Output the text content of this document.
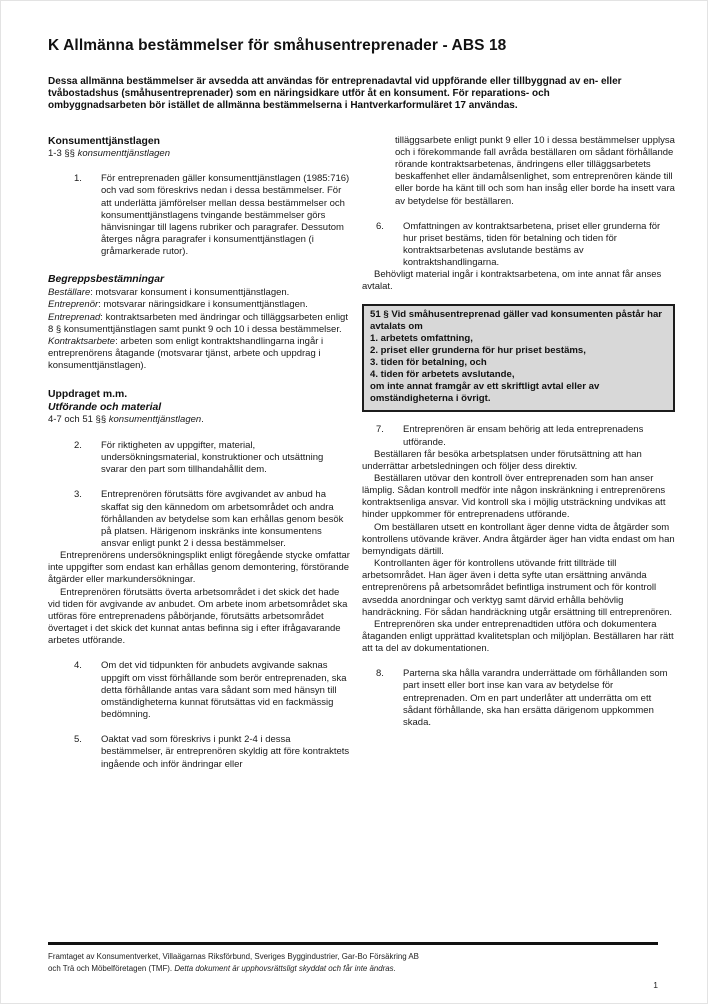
K Allmänna bestämmelser för småhusentreprenader - ABS 18
Dessa allmänna bestämmelser är avsedda att användas för entreprenadavtal vid uppförande eller tillbyggnad av en- eller tvåbostadshus (småhusentreprenader) som en näringsidkare utför åt en konsument. För reparations- och ombyggnadsarbeten bör istället de allmänna bestämmelserna i Hantverkarformuläret 17 användas.
Konsumenttjänstlagen
1-3 §§ konsumenttjänstlagen
1.	För entreprenaden gäller konsumenttjänstlagen (1985:716) och vad som föreskrivs nedan i dessa bestämmelser. För att underlätta jämförelser mellan dessa bestämmelser och konsumenttjänstlagens tvingande bestämmelser görs hänvisningar till lagens rubriker och paragrafer. Dessutom återges några paragrafer i konsumenttjänstlagen (i gråmarkerade rutor).
Begreppsbestämningar
Beställare: motsvarar konsument i konsumenttjänstlagen.
Entreprenör: motsvarar näringsidkare i konsumenttjänstlagen.
Entreprenad: kontraktsarbeten med ändringar och tilläggsarbeten enligt 8 § konsumenttjänstlagen samt punkt 9 och 10 i dessa bestämmelser.
Kontraktsarbete: arbeten som enligt kontraktshandlingarna ingår i entreprenörens åtagande (motsvarar tjänst, arbete och uppdrag i konsumenttjänstlagen).
Uppdraget m.m.
Utförande och material
4-7 och 51 §§ konsumenttjänstlagen.
2.	För riktigheten av uppgifter, material, undersökningsmaterial, konstruktioner och utsättning svarar den part som tillhandahållit dem.
3.	Entreprenören förutsätts före avgivandet av anbud ha skaffat sig den kännedom om arbetsområdet och andra förhållanden av betydelse som kan erhållas genom besök på platsen. Härigenom inskränks inte konsumentens ansvar enligt punkt 2 i dessa bestämmelser.
Entreprenörens undersökningsplikt enligt föregående stycke omfattar inte uppgifter som endast kan erhållas genom demontering, förstörande åtgärder eller markundersökningar.
Entreprenören förutsätts överta arbetsområdet i det skick det hade vid tiden för avgivande av anbudet. Om arbete inom arbetsområdet ska utföras före entreprenadens påbörjande, förutsätts arbetsområdet övertaget i det skick det kunnat antas befinna sig i efter ifrågavarande arbetes utförande.
4.	Om det vid tidpunkten för anbudets avgivande saknas uppgift om visst förhållande som berör entreprenaden, ska detta förhållande antas vara sådant som med hänsyn till omständigheterna kunnat förutsättas vid en fackmässig bedömning.
5.	Oaktat vad som föreskrivs i punkt 2-4 i dessa bestämmelser, är entreprenören skyldig att före kontraktets ingående och inför ändringar eller
tilläggsarbete enligt punkt 9 eller 10 i dessa bestämmelser upplysa och i förekommande fall avråda beställaren om sådant förhållande rörande kontraktsarbetenas, ändringens eller tilläggsarbetets beskaffenhet eller ändamålsenlighet, som entreprenören kände till eller borde ha känt till och som han insåg eller borde ha insett vara av betydelse för beställaren.
6.	Omfattningen av kontraktsarbetena, priset eller grunderna för hur priset bestäms, tiden för betalning och tiden för kontraktsarbetenas avslutande bestäms av kontraktshandlingarna.
Behövligt material ingår i kontraktsarbetena, om inte annat får anses avtalat.
51 § Vid småhusentreprenad gäller vad konsumenten påstår har avtalats om
1. arbetets omfattning,
2. priset eller grunderna för hur priset bestäms,
3. tiden för betalning, och
4. tiden för arbetets avslutande,
om inte annat framgår av ett skriftligt avtal eller av omständigheterna i övrigt.
7.	Entreprenören är ensam behörig att leda entreprenadens utförande.
Beställaren får besöka arbetsplatsen under förutsättning att han underrättar arbetsledningen och följer dess direktiv.
Beställaren utövar den kontroll över entreprenaden som han anser lämplig. Sådan kontroll medför inte någon inskränkning i entreprenörens kontraktsenliga ansvar. Vid kontroll ska i möjlig utsträckning undvikas att hinder uppkommer för entreprenadens utförande.
Om beställaren utsett en kontrollant äger denne vidta de åtgärder som kontrollens utövande kräver. Andra åtgärder äger han vidta endast om han bemyndigats därtill.
Kontrollanten äger för kontrollens utövande fritt tillträde till arbetsområdet. Han äger även i detta syfte utan ersättning använda entreprenörens på arbetsområdet befintliga instrument och för kontroll avsedda anordningar och verktyg samt därvid erhålla behövlig handräckning. För sådan handräckning utgår ersättning till entreprenören.
Entreprenören ska under entreprenadtiden utföra och dokumentera åtaganden enligt upprättad kvalitetsplan och miljöplan. Beställaren har rätt att ta del av dokumentationen.
8.	Parterna ska hålla varandra underrättade om förhållanden som part insett eller bort inse kan vara av betydelse för entreprenaden. Om en part underlåter att underrätta om ett sådant förhållande, ska han ersätta därigenom uppkommen skada.
Framtaget av Konsumentverket, Villaägarnas Riksförbund, Sveriges Byggindustrier, Gar-Bo Försäkring AB
och Trä och Möbelföretagen (TMF). Detta dokument är upphovsrättsligt skyddat och får inte ändras.
1
